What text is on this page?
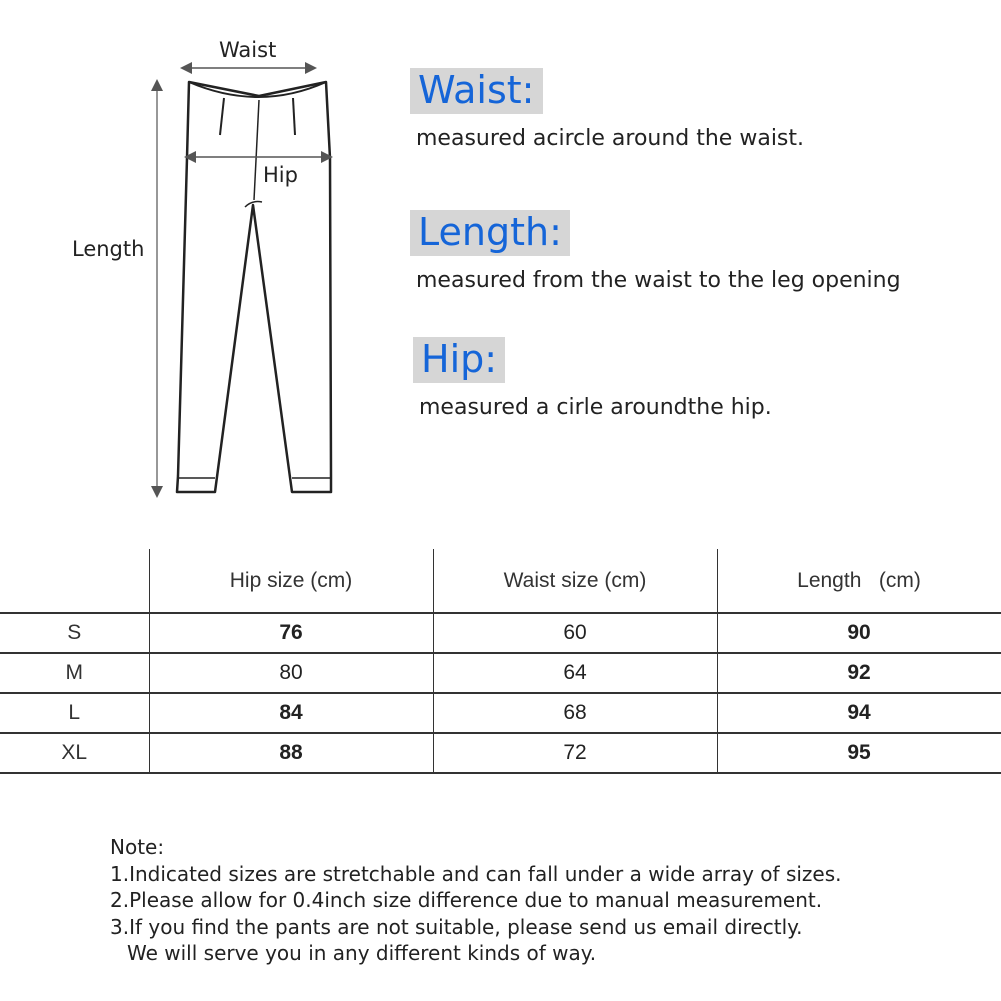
Waist
Hip
Length
Waist:
measured acircle around the waist.
Length:
measured from the waist to the leg opening
Hip:
measured a cirle aroundthe hip.
	Hip size (cm)	Waist size (cm)	Length   (cm)
S	76	60	90
M	80	64	92
L	84	68	94
XL	88	72	95
Note:
1.Indicated sizes are stretchable and can fall under a wide array of sizes.
2.Please allow for 0.4inch size difference due to manual measurement.
3.If you find the pants are not suitable, please send us email directly.
We will serve you in any different kinds of way.
